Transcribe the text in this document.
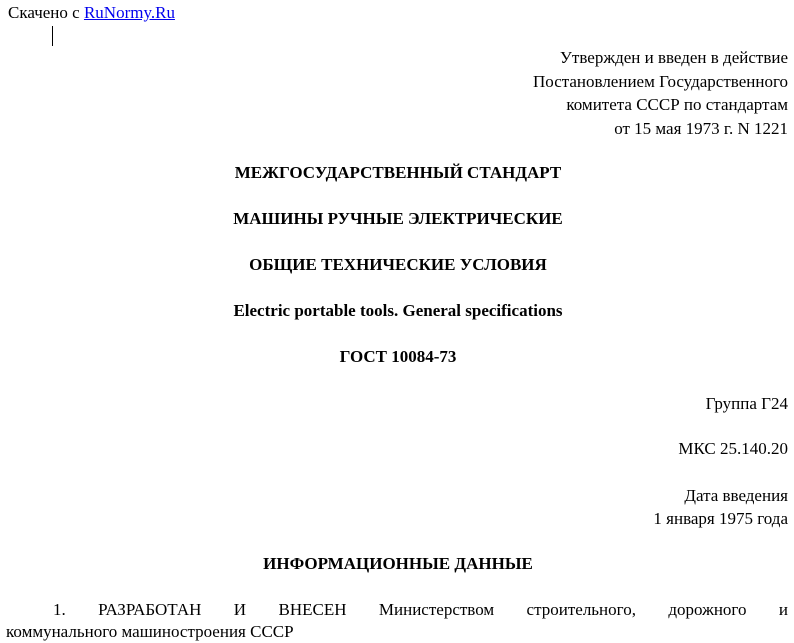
Скачено с RuNormy.Ru
Утвержден и введен в действие
Постановлением Государственного
комитета СССР по стандартам
от 15 мая 1973 г. N 1221
МЕЖГОСУДАРСТВЕННЫЙ СТАНДАРТ
МАШИНЫ РУЧНЫЕ ЭЛЕКТРИЧЕСКИЕ
ОБЩИЕ ТЕХНИЧЕСКИЕ УСЛОВИЯ
Electric portable tools. General specifications
ГОСТ 10084-73
Группа Г24
МКС 25.140.20
Дата введения
1 января 1975 года
ИНФОРМАЦИОННЫЕ ДАННЫЕ
1. РАЗРАБОТАН И ВНЕСЕН Министерством строительного, дорожного и
коммунального машиностроения СССР
